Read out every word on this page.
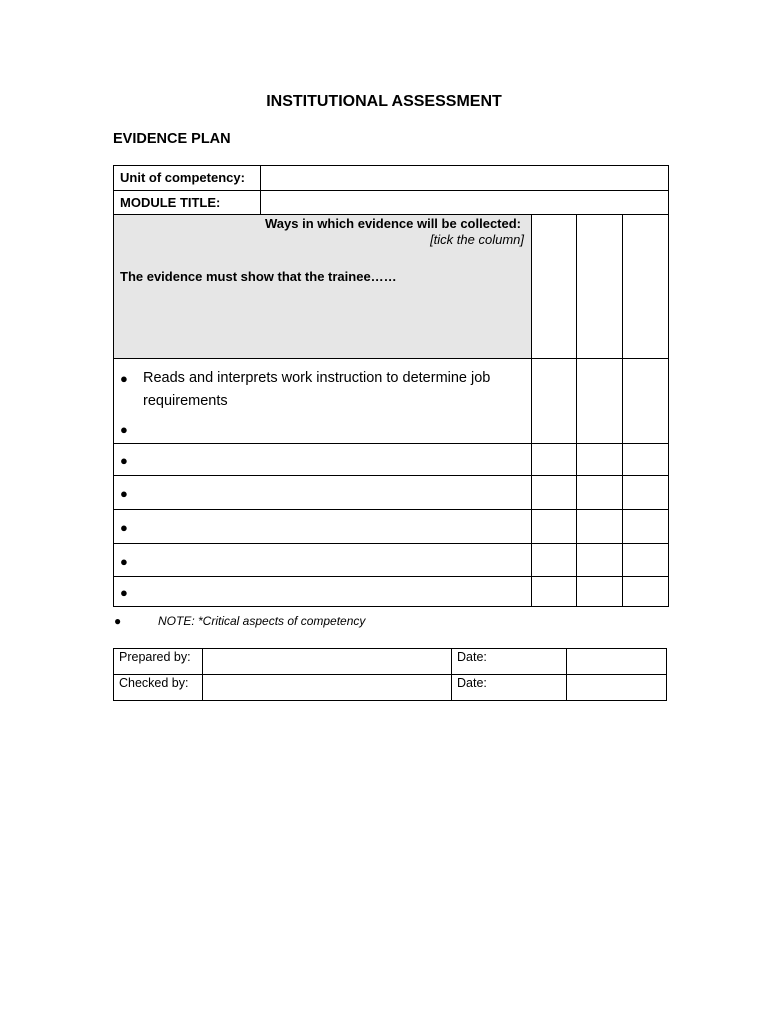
INSTITUTIONAL ASSESSMENT
EVIDENCE PLAN
Unit of competency:				
MODULE TITLE:				

Ways in which evidence will be collected:
[tick the column]
The evidence must show that the trainee……				

● Reads and interprets work instruction to determine job requirements
●				

●				

●				

●				

●				

●				

●	NOTE: *Critical aspects of competency
Prepared by:		Date:	
Checked by:		Date:	
